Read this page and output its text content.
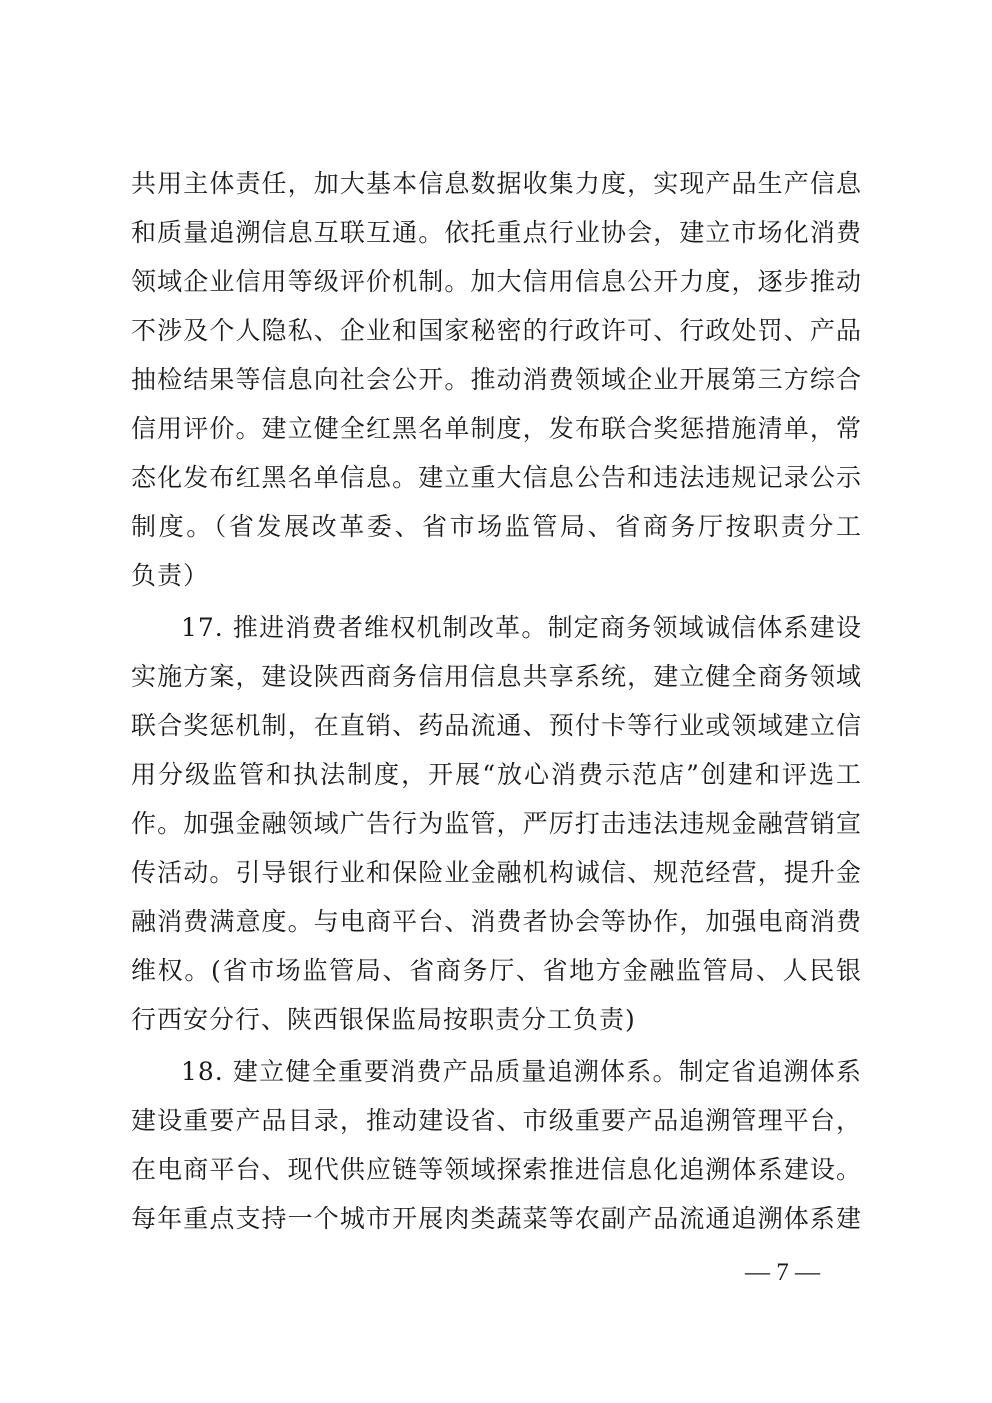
共用主体责任，加大基本信息数据收集力度，实现产品生产信息
和质量追溯信息互联互通。依托重点行业协会，建立市场化消费
领域企业信用等级评价机制。加大信用信息公开力度，逐步推动
不涉及个人隐私、企业和国家秘密的行政许可、行政处罚、产品
抽检结果等信息向社会公开。推动消费领域企业开展第三方综合
信用评价。建立健全红黑名单制度，发布联合奖惩措施清单，常
态化发布红黑名单信息。建立重大信息公告和违法违规记录公示
制度。（省发展改革委、省市场监管局、省商务厅按职责分工
负责）
17. 推进消费者维权机制改革。制定商务领域诚信体系建设
实施方案，建设陕西商务信用信息共享系统，建立健全商务领域
联合奖惩机制，在直销、药品流通、预付卡等行业或领域建立信
用分级监管和执法制度，开展“放心消费示范店”创建和评选工
作。加强金融领域广告行为监管，严厉打击违法违规金融营销宣
传活动。引导银行业和保险业金融机构诚信、规范经营，提升金
融消费满意度。与电商平台、消费者协会等协作，加强电商消费
维权。(省市场监管局、省商务厅、省地方金融监管局、人民银
行西安分行、陕西银保监局按职责分工负责)
18. 建立健全重要消费产品质量追溯体系。制定省追溯体系
建设重要产品目录，推动建设省、市级重要产品追溯管理平台，
在电商平台、现代供应链等领域探索推进信息化追溯体系建设。
每年重点支持一个城市开展肉类蔬菜等农副产品流通追溯体系建
— 7 —
